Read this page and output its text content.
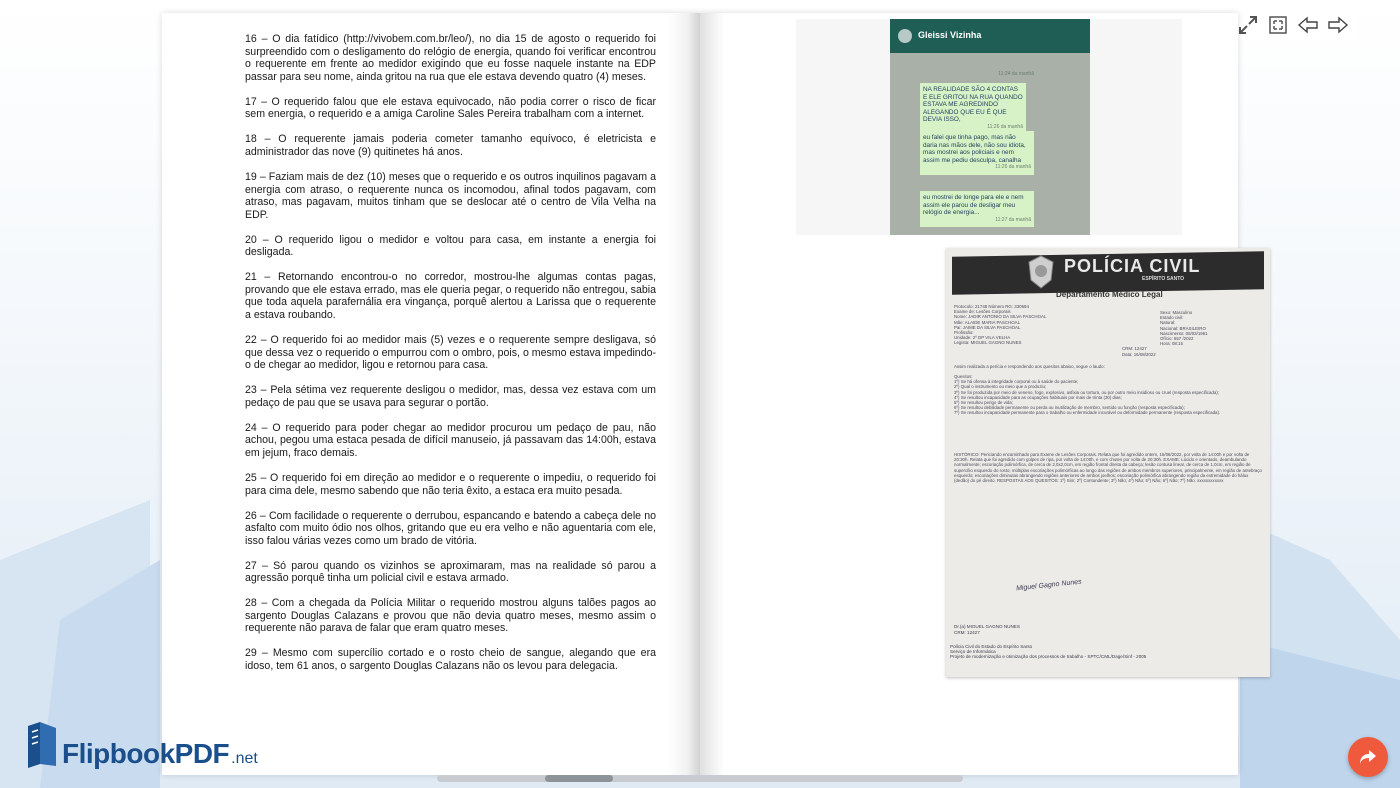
16 – O dia fatídico (http://vivobem.com.br/leo/), no dia 15 de agosto o requerido foi surpreendido com o desligamento do relógio de energia, quando foi verificar encontrou o requerente em frente ao medidor exigindo que eu fosse naquele instante na EDP passar para seu nome, ainda gritou na rua que ele estava devendo quatro (4) meses.

17 – O requerido falou que ele estava equivocado, não podia correr o risco de ficar sem energia, o requerido e a amiga Caroline Sales Pereira trabalham com a internet.

18 – O requerente jamais poderia cometer tamanho equívoco, é eletricista e administrador das nove (9) quitinetes há anos.

19 – Faziam mais de dez (10) meses que o requerido e os outros inquilinos pagavam a energia com atraso, o requerente nunca os incomodou, afinal todos pagavam, com atraso, mas pagavam, muitos tinham que se deslocar até o centro de Vila Velha na EDP.

20 – O requerido ligou o medidor e voltou para casa, em instante a energia foi desligada.

21 – Retornando encontrou-o no corredor, mostrou-lhe algumas contas pagas, provando que ele estava errado, mas ele queria pegar, o requerido não entregou, sabia que toda aquela parafernália era vingança, porquê alertou a Larissa que o requerente a estava roubando.

22 – O requerido foi ao medidor mais (5) vezes e o requerente sempre desligava, só que dessa vez o requerido o empurrou com o ombro, pois, o mesmo estava impedindo-o de chegar ao medidor, ligou e retornou para casa.

23 – Pela sétima vez requerente desligou o medidor, mas, dessa vez estava com um pedaço de pau que se usava para segurar o portão.

24 – O requerido para poder chegar ao medidor procurou um pedaço de pau, não achou, pegou uma estaca pesada de difícil manuseio, já passavam das 14:00h, estava em jejum, fraco demais.

25 – O requerido foi em direção ao medidor e o requerente o impediu, o requerido foi para cima dele, mesmo sabendo que não teria êxito, a estaca era muito pesada.

26 – Com facilidade o requerente o derrubou, espancando e batendo a cabeça dele no asfalto com muito ódio nos olhos, gritando que eu era velho e não aguentaria com ele, isso falou várias vezes como um brado de vitória.

27 – Só parou quando os vizinhos se aproximaram, mas na realidade só parou a agressão porquê tinha um policial civil e estava armado.

28 – Com a chegada da Polícia Militar o requerido mostrou alguns talões pagos ao sargento Douglas Calazans e provou que não devia quatro meses, mesmo assim o requerente não parava de falar que eram quatro meses.

29 – Mesmo com supercílio cortado e o rosto cheio de sangue, alegando que era idoso, tem 61 anos, o sargento Douglas Calazans não os levou para delegacia.

Gleissi Vizinha
11:24 da manhã
NA REALIDADE SÃO 4 CONTAS E ELE GRITOU NA RUA QUANDO ESTAVA ME AGREDINDO ALEGANDO QUE EU É QUE DEVIA ISSO,
11:26 da manhã
eu falei que tinha pago, mas não daria nas mãos dele, não sou idiota, mas mostrei aos policiais e nem assim me pediu desculpa, canalha
11:26 da manhã
eu mostrei de longe para ele e nem assim ele parou de desligar meu relógio de energia...
11:27 da manhã
POLÍCIA CIVIL
ESPÍRITO SANTO
Departamento Médico Legal
Protocolo: 21748 Número RG: 330594
Exame de: Lesões Corporais
Nome: JADIR ANTONIO DA SILVA PASCHOAL
Mãe: ALAIDE MARIA PASCHOAL
Pai: JAIME DA SILVA PASCHOAL
Profissão:
Unidade: 2º DP VILA VELHA
Legista: MIGUEL GAGNO NUNES
Sexo: Masculino
Estado civil:
Natural:
Nacional: BRASILEIRO
Nascimento: 05/03/1961
Ofício: 657 /2022
Hora: 08:15
CRM: 12427
Data: 16/08/2022
Assim realizada a perícia e respondendo aos quesitos abaixo, segue o laudo:
Quesitos:
1º) Se há ofensa à integridade corporal ou à saúde do paciente;
2º) Qual o instrumento ou meio que a produziu;
3º) Se foi produzida por meio de veneno, fogo, explosivo, asfixia ou tortura, ou por outro meio insidioso ou cruel (resposta especificada);
4º) Se resultou incapacidade para as ocupações habituais por mais de trinta (30) dias;
5º) Se resultou perigo de vida;
6º) Se resultou debilidade permanente ou perda ou inutilização de membro, sentido ou função (resposta especificada);
7º) Se resultou incapacidade permanente para o trabalho ou enfermidade incurável ou deformidade permanente (resposta especificada).
HISTÓRICO: Periciando encaminhado para Exame de Lesões Corporais. Relata que foi agredido ontem, 15/08/2022, por volta de 14:00h e por volta de 20:30h. Relata que foi agredido com golpes de ripa, por volta de 14:00h, e com chutes por volta de 20:30h. EXAME: Lúcido e orientado, deambulando normalmente; escoriação polimórfica, de cerca de 2,0x2,0cm, em região frontal direita da cabeça; lesão contusa linear, de cerca de 1,0cm, em região de supercílio esquerdo do rosto; múltiplas escoriações polimórficas ao longo das regiões de ambos membros superiores, principalmente, em região de antebraço esquerdo; escoriações diminutas abrangendo regiões anteriores de ambos joelhos; escoriação polimórfica abrangendo região da extremidade do hálux (dedão) do pé direito. RESPOSTAS AOS QUESITOS: 1º) Sim; 2º) Contundente; 3º) Não; 4º) Não; 5º) Não; 6º) Não; 7º) Não. xxxxxxxxxxxx
Miguel Gagno Nunes
Dr.(a) MIGUEL GAGNO NUNES
CRM: 12427
Polícia Civil do Estado do Espírito Santo
Serviço de Informática
Projeto de modernização e otimização dos processos de trabalho - SPTC/CML/Dage/Sinf - 2005
FlipbookPDF .net
